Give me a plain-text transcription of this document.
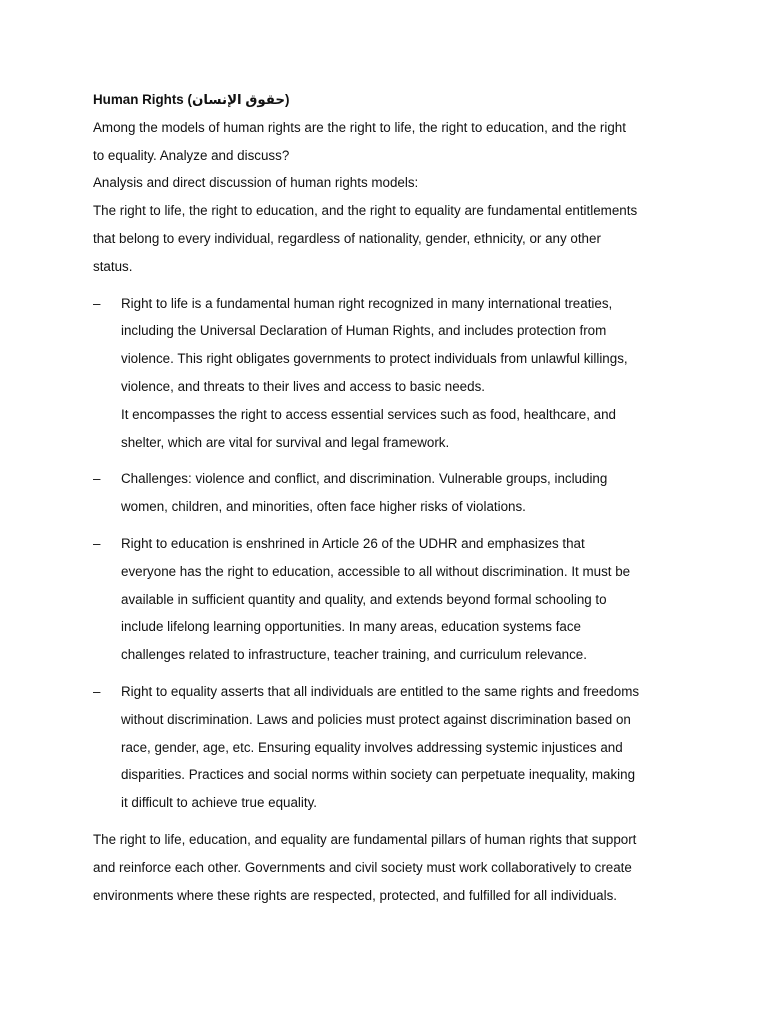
Human Rights (حقوق الإنسان)
Among the models of human rights are the right to life, the right to education, and the right
to equality. Analyze and discuss?
Analysis and direct discussion of human rights models:
The right to life, the right to education, and the right to equality are fundamental entitlements
that belong to every individual, regardless of nationality, gender, ethnicity, or any other
status.
– Right to life is a fundamental human right recognized in many international treaties,
including the Universal Declaration of Human Rights, and includes protection from
violence. This right obligates governments to protect individuals from unlawful killings,
violence, and threats to their lives and access to basic needs.
It encompasses the right to access essential services such as food, healthcare, and
shelter, which are vital for survival and legal framework.
– Challenges: violence and conflict, and discrimination. Vulnerable groups, including
women, children, and minorities, often face higher risks of violations.
– Right to education is enshrined in Article 26 of the UDHR and emphasizes that
everyone has the right to education, accessible to all without discrimination. It must be
available in sufficient quantity and quality, and extends beyond formal schooling to
include lifelong learning opportunities. In many areas, education systems face
challenges related to infrastructure, teacher training, and curriculum relevance.
– Right to equality asserts that all individuals are entitled to the same rights and freedoms
without discrimination. Laws and policies must protect against discrimination based on
race, gender, age, etc. Ensuring equality involves addressing systemic injustices and
disparities. Practices and social norms within society can perpetuate inequality, making
it difficult to achieve true equality.
The right to life, education, and equality are fundamental pillars of human rights that support
and reinforce each other. Governments and civil society must work collaboratively to create
environments where these rights are respected, protected, and fulfilled for all individuals.
